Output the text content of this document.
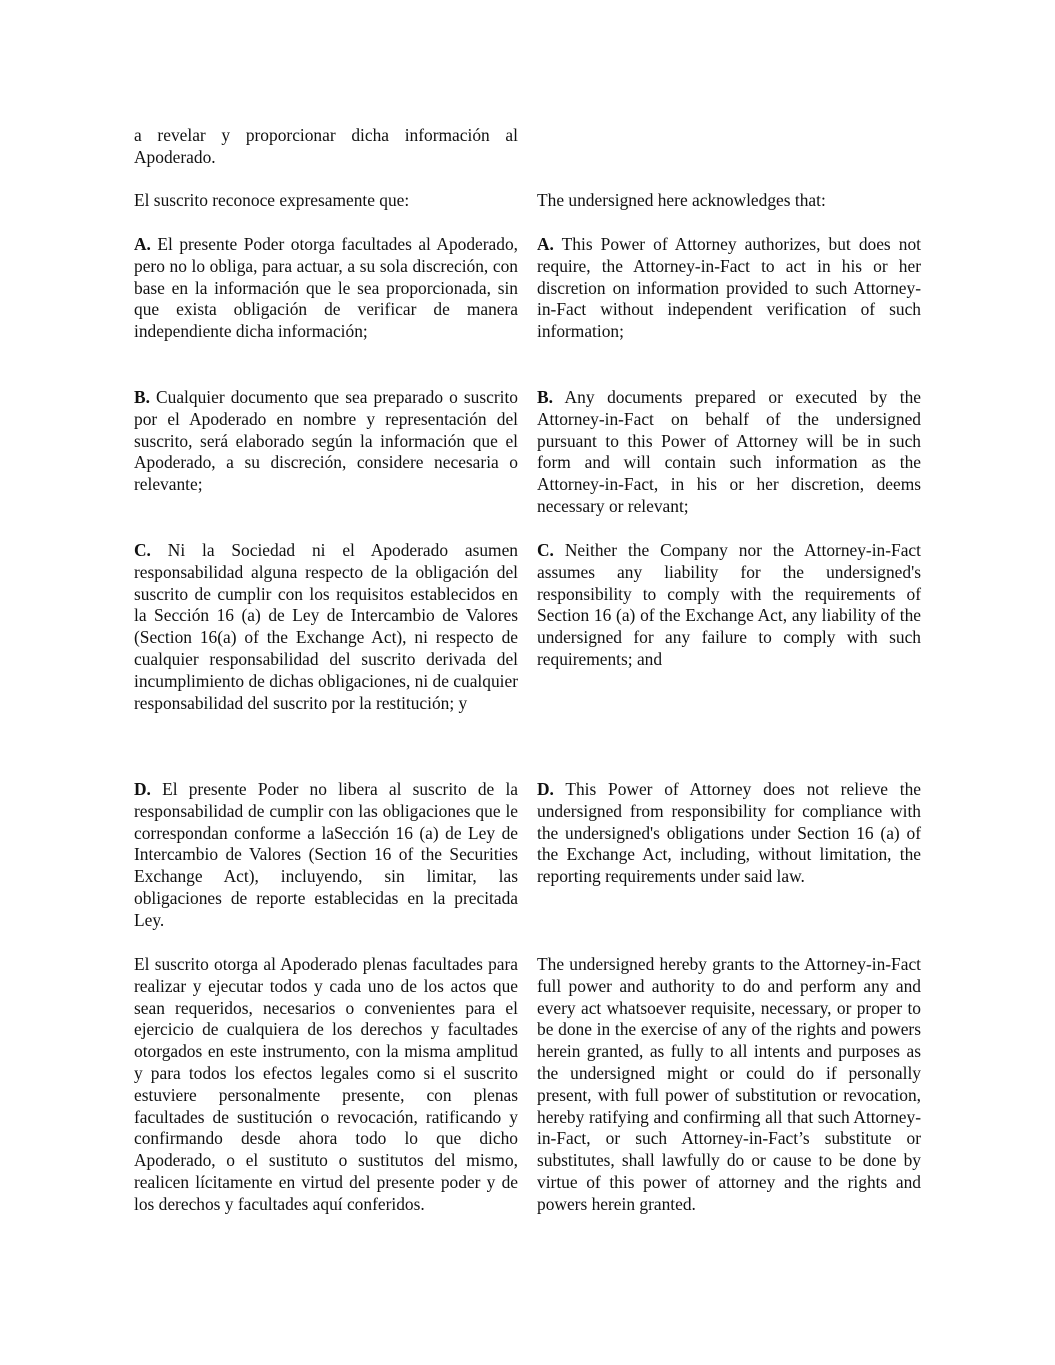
a revelar y proporcionar dicha información al Apoderado.

El suscrito reconoce expresamente que:	The undersigned here acknowledges that:

A. El presente Poder otorga facultades al Apoderado, pero no lo obliga, para actuar, a su sola discreción, con base en la información que le sea proporcionada, sin que exista obligación de verificar de manera independiente dicha información;

A. This Power of Attorney authorizes, but does not require, the Attorney-in-Fact to act in his or her discretion on information provided to such Attorney-in-Fact without independent verification of such information;

B. Cualquier documento que sea preparado o suscrito por el Apoderado en nombre y representación del suscrito, será elaborado según la información que el Apoderado, a su discreción, considere necesaria o relevante;

B. Any documents prepared or executed by the Attorney-in-Fact on behalf of the undersigned pursuant to this Power of Attorney will be in such form and will contain such information as the Attorney-in-Fact, in his or her discretion, deems necessary or relevant;

C. Ni la Sociedad ni el Apoderado asumen responsabilidad alguna respecto de la obligación del suscrito de cumplir con los requisitos establecidos en la Sección 16 (a) de Ley de Intercambio de Valores (Section 16(a) of the Exchange Act), ni respecto de cualquier responsabilidad del suscrito derivada del incumplimiento de dichas obligaciones, ni de cualquier responsabilidad del suscrito por la restitución; y

C. Neither the Company nor the Attorney-in-Fact assumes any liability for the undersigned's responsibility to comply with the requirements of Section 16 (a) of the Exchange Act, any liability of the undersigned for any failure to comply with such requirements; and

D. El presente Poder no libera al suscrito de la responsabilidad de cumplir con las obligaciones que le correspondan conforme a laSección 16 (a) de Ley de Intercambio de Valores (Section 16 of the Securities Exchange Act), incluyendo, sin limitar, las obligaciones de reporte establecidas en la precitada Ley.

D. This Power of Attorney does not relieve the undersigned from responsibility for compliance with the undersigned's obligations under Section 16 (a) of the Exchange Act, including, without limitation, the reporting requirements under said law.

El suscrito otorga al Apoderado plenas facultades para realizar y ejecutar todos y cada uno de los actos que sean requeridos, necesarios o convenientes para el ejercicio de cualquiera de los derechos y facultades otorgados en este instrumento, con la misma amplitud y para todos los efectos legales como si el suscrito estuviere personalmente presente, con plenas facultades de sustitución o revocación, ratificando y confirmando desde ahora todo lo que dicho Apoderado, o el sustituto o sustitutos del mismo, realicen lícitamente en virtud del presente poder y de los derechos y facultades aquí conferidos.

The undersigned hereby grants to the Attorney-in-Fact full power and authority to do and perform any and every act whatsoever requisite, necessary, or proper to be done in the exercise of any of the rights and powers herein granted, as fully to all intents and purposes as the undersigned might or could do if personally present, with full power of substitution or revocation, hereby ratifying and confirming all that such Attorney-in-Fact, or such Attorney-in-Fact’s substitute or substitutes, shall lawfully do or cause to be done by virtue of this power of attorney and the rights and powers herein granted.
